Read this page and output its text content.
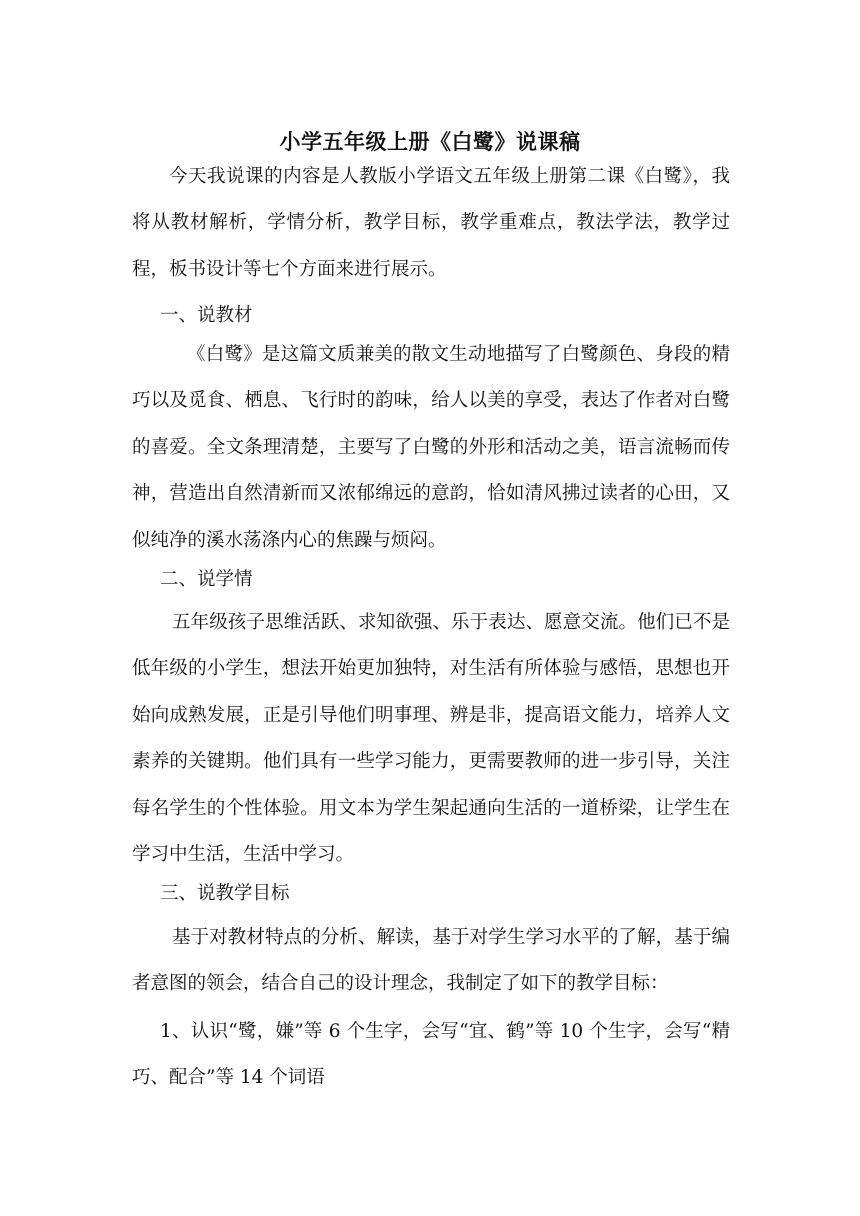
小学五年级上册《白鹭》说课稿

今天我说课的内容是人教版小学语文五年级上册第二课《白鹭》，我将从教材解析，学情分析，教学目标，教学重难点，教法学法，教学过程，板书设计等七个方面来进行展示。

一、说教材

《白鹭》是这篇文质兼美的散文生动地描写了白鹭颜色、身段的精巧以及觅食、栖息、飞行时的韵味，给人以美的享受，表达了作者对白鹭的喜爱。全文条理清楚，主要写了白鹭的外形和活动之美，语言流畅而传神，营造出自然清新而又浓郁绵远的意韵，恰如清风拂过读者的心田，又似纯净的溪水荡涤内心的焦躁与烦闷。

二、说学情

五年级孩子思维活跃、求知欲强、乐于表达、愿意交流。他们已不是低年级的小学生，想法开始更加独特，对生活有所体验与感悟，思想也开始向成熟发展，正是引导他们明事理、辨是非，提高语文能力，培养人文素养的关键期。他们具有一些学习能力，更需要教师的进一步引导，关注每名学生的个性体验。用文本为学生架起通向生活的一道桥梁，让学生在学习中生活，生活中学习。

三、说教学目标

基于对教材特点的分析、解读，基于对学生学习水平的了解，基于编者意图的领会，结合自己的设计理念，我制定了如下的教学目标：

1、认识“鹭，嫌”等 6 个生字，会写“宜、鹤”等 10 个生字，会写“精巧、配合”等 14 个词语
